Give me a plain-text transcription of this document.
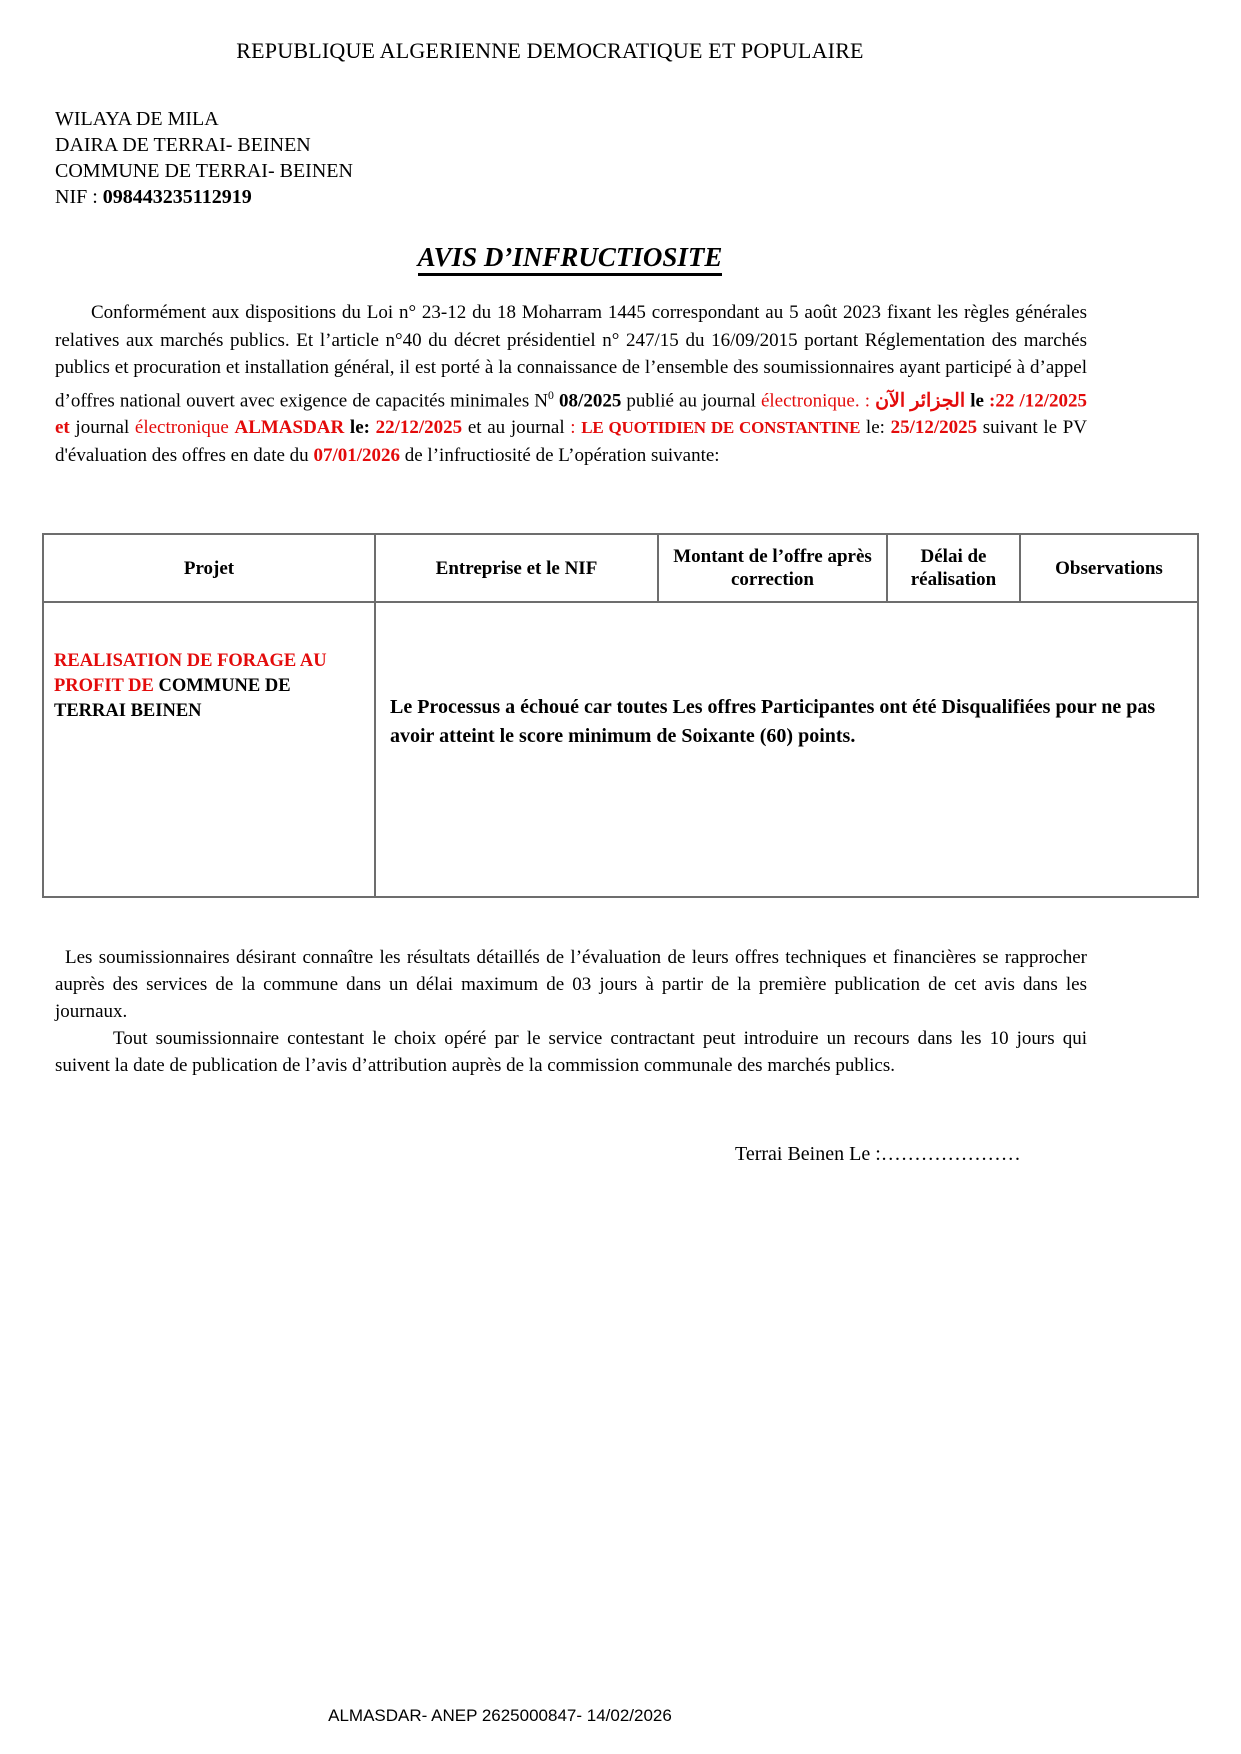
REPUBLIQUE ALGERIENNE DEMOCRATIQUE ET POPULAIRE
WILAYA DE MILA
DAIRA DE TERRAI- BEINEN
COMMUNE DE TERRAI- BEINEN
NIF : 098443235112919
AVIS D’INFRUCTIOSITE

Conformément aux dispositions du Loi n° 23-12 du 18 Moharram 1445 correspondant au 5 août 2023 fixant les règles générales relatives aux marchés publics. Et l’article n°40 du décret présidentiel n° 247/15 du 16/09/2015 portant Réglementation des marchés publics et procuration et installation général, il est porté à la connaissance de l’ensemble des soumissionnaires ayant participé à d’appel d’offres national ouvert avec exigence de capacités minimales $N^0$ 08/2025 publié au journal électronique. : الجزائر الآن le :22 /12/2025 et journal électronique ALMASDAR le: 22/12/2025 et au journal : LE QUOTIDIEN DE CONSTANTINE le: 25/12/2025 suivant le PV d'évaluation des offres en date du 07/01/2026 de l’infructiosité de L’opération suivante:

Projet	Entreprise et le NIF	Montant de l’offre après correction	Délai de réalisation	Observations
REALISATION DE FORAGE AU PROFIT DE COMMUNE DE TERRAI BEINEN	Le Processus a échoué car toutes Les offres Participantes ont été Disqualifiées pour ne pas avoir atteint le score minimum de Soixante (60) points.			

Les soumissionnaires désirant connaître les résultats détaillés de l’évaluation de leurs offres techniques et financières se rapprocher auprès des services de la commune dans un délai maximum de 03 jours à partir de la première publication de cet avis dans les journaux.

Tout soumissionnaire contestant le choix opéré par le service contractant peut introduire un recours dans les 10 jours qui suivent la date de publication de l’avis d’attribution auprès de la commission communale des marchés publics.

Terrai Beinen Le :…………………
ALMASDAR- ANEP 2625000847- 14/02/2026
